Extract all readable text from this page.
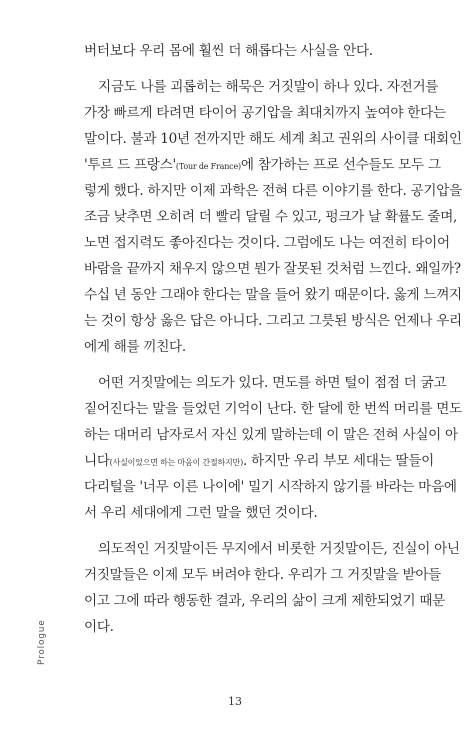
버터보다 우리 몸에 훨씬 더 해롭다는 사실을 안다.
지금도 나를 괴롭히는 해묵은 거짓말이 하나 있다. 자전거를
가장 빠르게 타려면 타이어 공기압을 최대치까지 높여야 한다는
말이다. 불과 10년 전까지만 해도 세계 최고 권위의 사이클 대회인
'투르 드 프랑스'(Tour de France)에 참가하는 프로 선수들도 모두 그
렇게 했다. 하지만 이제 과학은 전혀 다른 이야기를 한다. 공기압을
조금 낮추면 오히려 더 빨리 달릴 수 있고, 펑크가 날 확률도 줄며,
노면 접지력도 좋아진다는 것이다. 그럼에도 나는 여전히 타이어
바람을 끝까지 채우지 않으면 뭔가 잘못된 것처럼 느낀다. 왜일까?
수십 년 동안 그래야 한다는 말을 들어 왔기 때문이다. 옳게 느껴지
는 것이 항상 옳은 답은 아니다. 그리고 그릇된 방식은 언제나 우리
에게 해를 끼친다.
어떤 거짓말에는 의도가 있다. 면도를 하면 털이 점점 더 굵고
짙어진다는 말을 들었던 기억이 난다. 한 달에 한 번씩 머리를 면도
하는 대머리 남자로서 자신 있게 말하는데 이 말은 전혀 사실이 아
니다(사실이었으면 하는 마음이 간절하지만). 하지만 우리 부모 세대는 딸들이
다리털을 '너무 이른 나이에' 밀기 시작하지 않기를 바라는 마음에
서 우리 세대에게 그런 말을 했던 것이다.
의도적인 거짓말이든 무지에서 비롯한 거짓말이든, 진실이 아닌
거짓말들은 이제 모두 버려야 한다. 우리가 그 거짓말을 받아들
이고 그에 따라 행동한 결과, 우리의 삶이 크게 제한되었기 때문
이다.
Prologue
13
